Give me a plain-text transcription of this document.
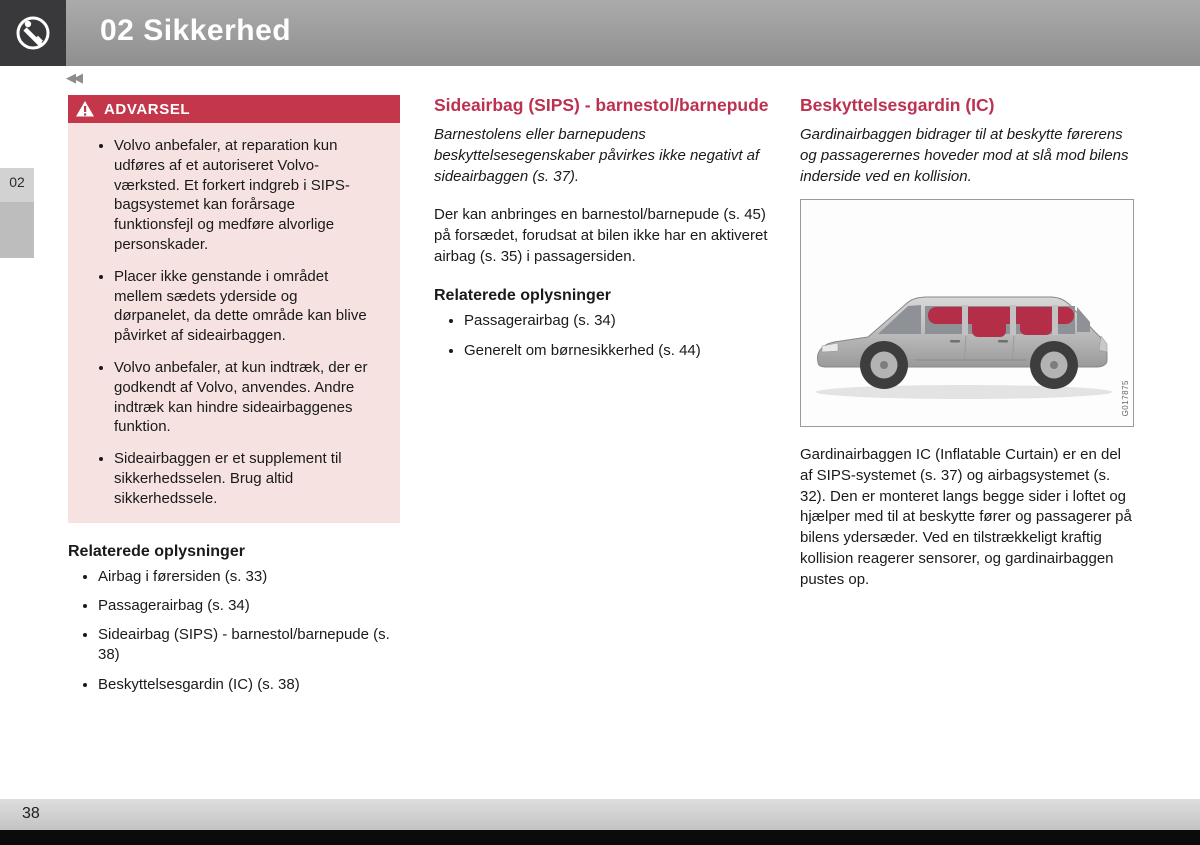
02 Sikkerhed
◀◀
02
ADVARSEL
• Volvo anbefaler, at reparation kun udføres af et autoriseret Volvo-værksted. Et forkert indgreb i SIPS-bagsystemet kan forårsage funktionsfejl og medføre alvorlige personskader.
• Placer ikke genstande i området mellem sædets yderside og dørpanelet, da dette område kan blive påvirket af sideairbaggen.
• Volvo anbefaler, at kun indtræk, der er godkendt af Volvo, anvendes. Andre indtræk kan hindre sideairbaggenes funktion.
• Sideairbaggen er et supplement til sikkerhedsselen. Brug altid sikkerhedssele.
Relaterede oplysninger
• Airbag i førersiden (s. 33)
• Passagerairbag (s. 34)
• Sideairbag (SIPS) - barnestol/barnepude (s. 38)
• Beskyttelsesgardin (IC) (s. 38)
Sideairbag (SIPS) - barnestol/barnepude

Barnestolens eller barnepudens beskyttelsesegenskaber påvirkes ikke negativt af sideairbaggen (s. 37).

Der kan anbringes en barnestol/barnepude (s. 45) på forsædet, forudsat at bilen ikke har en aktiveret airbag (s. 35) i passagersiden.

Relaterede oplysninger
• Passagerairbag (s. 34)
• Generelt om børnesikkerhed (s. 44)
Beskyttelsesgardin (IC)

Gardinairbaggen bidrager til at beskytte førerens og passagerernes hoveder mod at slå mod bilens inderside ved en kollision.

G017875

Gardinairbaggen IC (Inflatable Curtain) er en del af SIPS-systemet (s. 37) og airbagsystemet (s. 32). Den er monteret langs begge sider i loftet og hjælper med til at beskytte fører og passagerer på bilens ydersæder. Ved en tilstrækkeligt kraftig kollision reagerer sensorer, og gardinairbaggen pustes op.

38
